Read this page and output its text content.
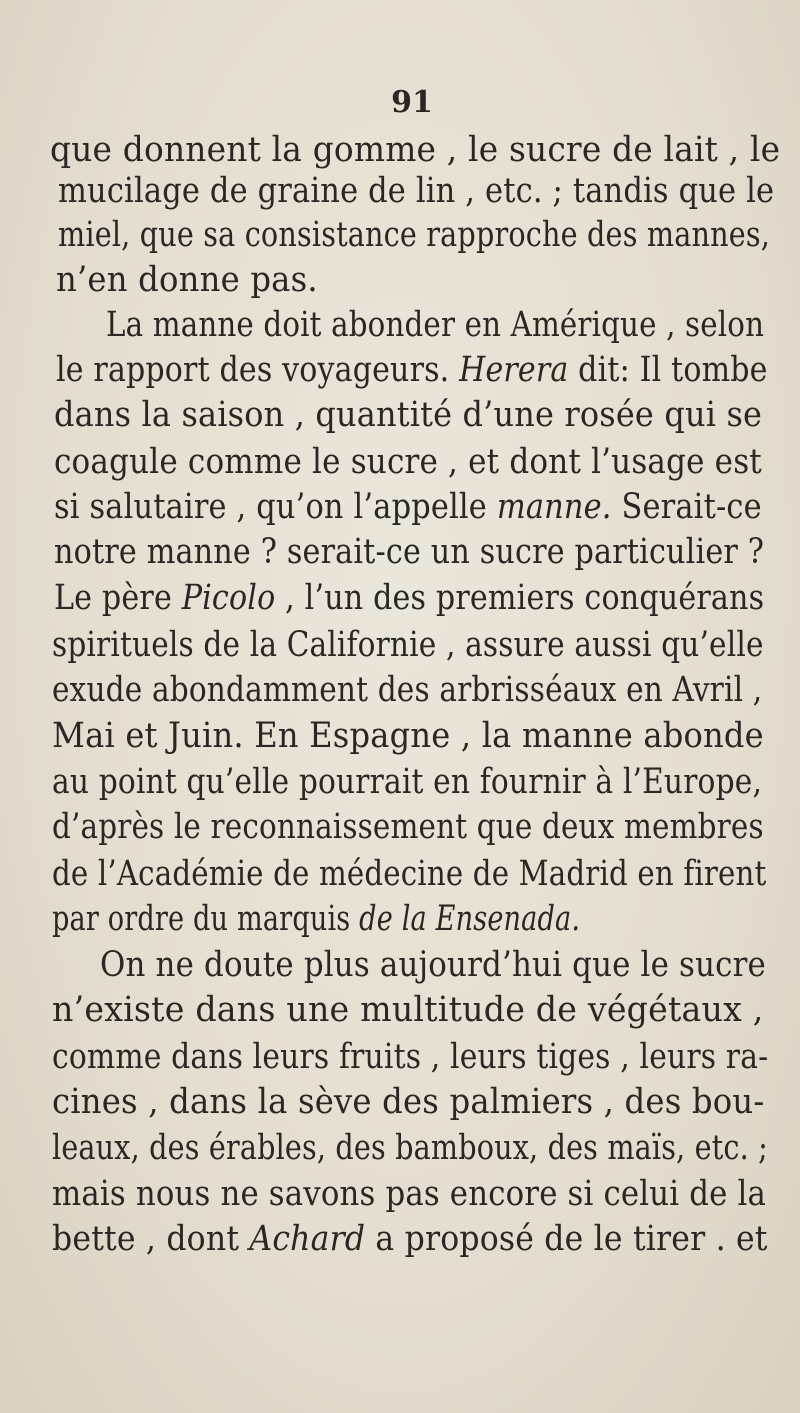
91
que donnent la gomme , le sucre de lait , le
mucilage de graine de lin , etc. ; tandis que le
miel, que sa consistance rapproche des mannes,
n’en donne pas.
La manne doit abonder en Amérique , selon
le rapport des voyageurs. Herera dit: Il tombe
dans la saison , quantité d’une rosée qui se
coagule comme le sucre , et dont l’usage est
si salutaire , qu’on l’appelle manne. Serait-ce
notre manne ? serait-ce un sucre particulier ?
Le père Picolo , l’un des premiers conquérans
spirituels de la Californie , assure aussi qu’elle
exude abondamment des arbrisséaux en Avril ,
Mai et Juin. En Espagne , la manne abonde
au point qu’elle pourrait en fournir à l’Europe,
d’après le reconnaissement que deux membres
de l’Académie de médecine de Madrid en firent
par ordre du marquis de la Ensenada.
On ne doute plus aujourd’hui que le sucre
n’existe dans une multitude de végétaux ,
comme dans leurs fruits , leurs tiges , leurs ra-
cines , dans la sève des palmiers , des bou-
leaux, des érables, des bamboux, des maïs, etc. ;
mais nous ne savons pas encore si celui de la
bette , dont Achard a proposé de le tirer . et
